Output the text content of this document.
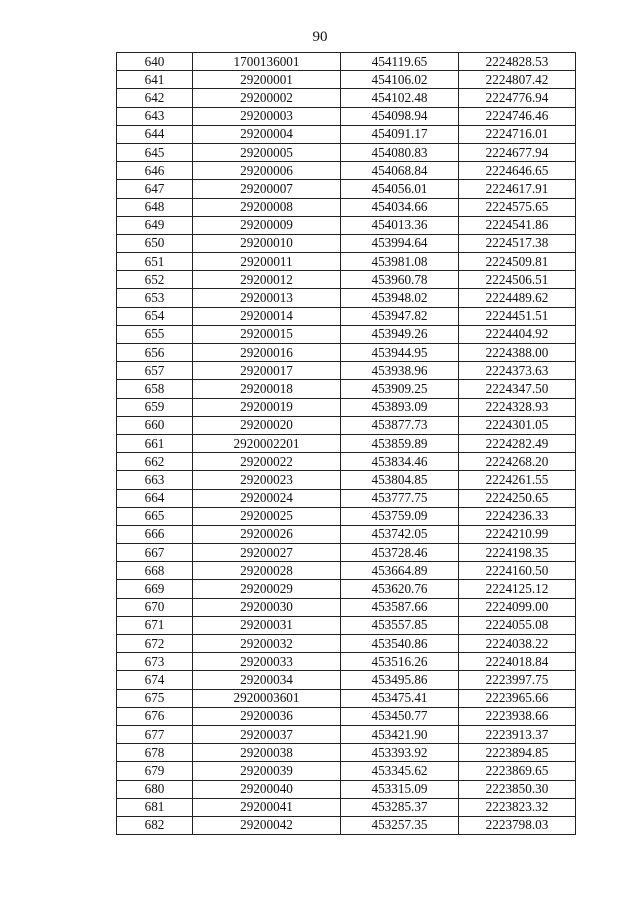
90
640	1700136001	454119.65	2224828.53
641	29200001	454106.02	2224807.42
642	29200002	454102.48	2224776.94
643	29200003	454098.94	2224746.46
644	29200004	454091.17	2224716.01
645	29200005	454080.83	2224677.94
646	29200006	454068.84	2224646.65
647	29200007	454056.01	2224617.91
648	29200008	454034.66	2224575.65
649	29200009	454013.36	2224541.86
650	29200010	453994.64	2224517.38
651	29200011	453981.08	2224509.81
652	29200012	453960.78	2224506.51
653	29200013	453948.02	2224489.62
654	29200014	453947.82	2224451.51
655	29200015	453949.26	2224404.92
656	29200016	453944.95	2224388.00
657	29200017	453938.96	2224373.63
658	29200018	453909.25	2224347.50
659	29200019	453893.09	2224328.93
660	29200020	453877.73	2224301.05
661	2920002201	453859.89	2224282.49
662	29200022	453834.46	2224268.20
663	29200023	453804.85	2224261.55
664	29200024	453777.75	2224250.65
665	29200025	453759.09	2224236.33
666	29200026	453742.05	2224210.99
667	29200027	453728.46	2224198.35
668	29200028	453664.89	2224160.50
669	29200029	453620.76	2224125.12
670	29200030	453587.66	2224099.00
671	29200031	453557.85	2224055.08
672	29200032	453540.86	2224038.22
673	29200033	453516.26	2224018.84
674	29200034	453495.86	2223997.75
675	2920003601	453475.41	2223965.66
676	29200036	453450.77	2223938.66
677	29200037	453421.90	2223913.37
678	29200038	453393.92	2223894.85
679	29200039	453345.62	2223869.65
680	29200040	453315.09	2223850.30
681	29200041	453285.37	2223823.32
682	29200042	453257.35	2223798.03
